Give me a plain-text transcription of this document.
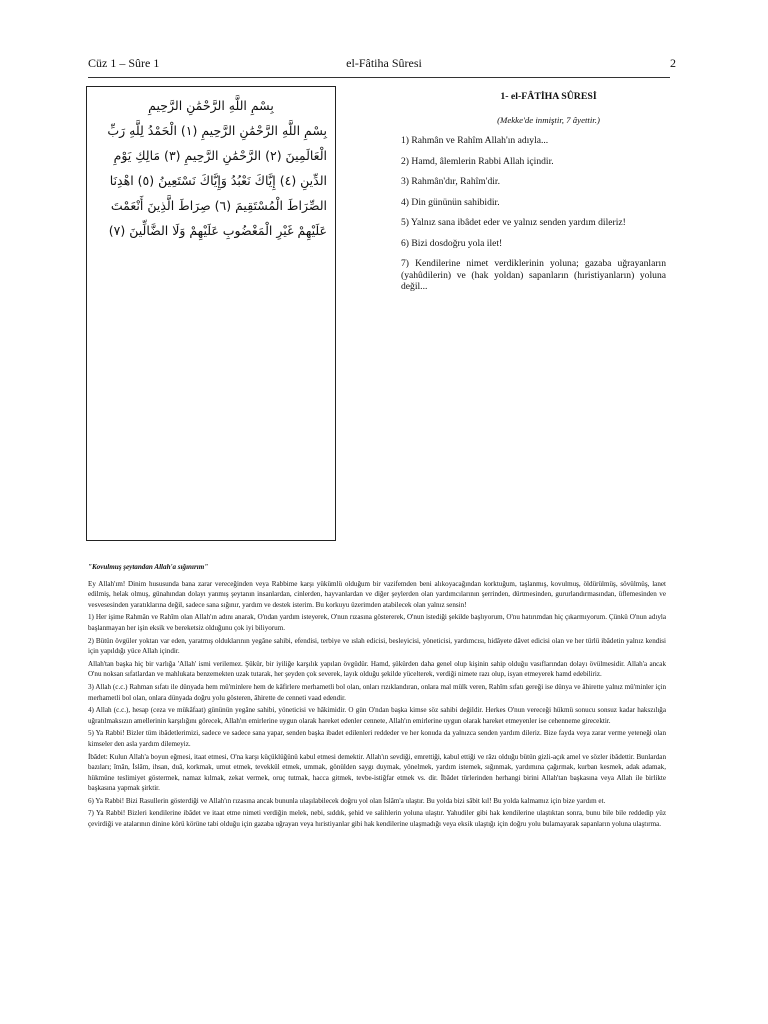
Cüz 1 – Sûre 1	el-Fâtiha Sûresi	2
بِسْمِ اللَّهِ الرَّحْمَٰنِ الرَّحِيمِ
بِسْمِ اللَّهِ الرَّحْمَٰنِ الرَّحِيمِ (١) الْحَمْدُ لِلَّهِ رَبِّ الْعَالَمِينَ (٢) الرَّحْمَٰنِ الرَّحِيمِ (٣) مَالِكِ يَوْمِ الدِّينِ (٤) إِيَّاكَ نَعْبُدُ وَإِيَّاكَ نَسْتَعِينُ (٥) اهْدِنَا الصِّرَاطَ الْمُسْتَقِيمَ (٦) صِرَاطَ الَّذِينَ أَنْعَمْتَ عَلَيْهِمْ غَيْرِ الْمَغْضُوبِ عَلَيْهِمْ وَلَا الضَّالِّينَ (٧)
1- el-FÂTİHA SÛRESİ
(Mekke'de inmiştir, 7 âyettir.)

1) Rahmân ve Rahîm Allah'ın adıyla...

2) Hamd, âlemlerin Rabbi Allah içindir.

3) Rahmân'dır, Rahîm'dir.

4) Din gününün sahibidir.

5) Yalnız sana ibâdet eder ve yalnız senden yardım dileriz!

6) Bizi dosdoğru yola ilet!

7) Kendilerine nimet verdiklerinin yoluna; gazaba uğrayanların (yahûdilerin) ve (hak yoldan) sapanların (hıristiyanların) yoluna değil...

"Kovulmuş şeytandan Allah'a sığınırım"

Ey Allah'ım! Dinim hususunda bana zarar vereceğinden veya Rabbime karşı yükümlü olduğum bir vazifemden beni alıkoyacağından korktuğum, taşlanmış, kovulmuş, öldürülmüş, sövülmüş, lanet edilmiş, helak olmuş, günahından dolayı yanmış şeytanın insanlardan, cinlerden, hayvanlardan ve diğer şeylerden olan yardımcılarının şerrinden, dürtmesinden, gururlandırmasından, üflemesinden ve vesvesesinden yaratıklarına değil, sadece sana sığınır, yardım ve destek isterim. Bu korkuyu üzerimden atabilecek olan yalnız sensin!

1) Her işime Rahmân ve Rahîm olan Allah'ın adını anarak, O'ndan yardım isteyerek, O'nun rızasına göstererek, O'nun istediği şekilde başlıyorum, O'nu hatırımdan hiç çıkarmıyorum. Çünkü O'nun adıyla başlanmayan her işin eksik ve bereketsiz olduğunu çok iyi biliyorum.

2) Bütün övgüler yoktan var eden, yaratmış olduklarının yegâne sahibi, efendisi, terbiye ve ıslah edicisi, besleyicisi, yöneticisi, yardımcısı, hidâyete dâvet edicisi olan ve her türlü ibâdetin yalnız kendisi için yapıldığı yüce Allah içindir.

Allah'tan başka hiç bir varlığa 'Allah' ismi verilemez. Şükür, bir iyiliğe karşılık yapılan övgüdür. Hamd, şükürden daha genel olup kişinin sahip olduğu vasıflarından dolayı övülmesidir. Allah'a ancak O'nu noksan sıfatlardan ve mahlukata benzemekten uzak tutarak, her şeyden çok severek, layık olduğu şekilde yücelterek, verdiği nimete razı olup, isyan etmeyerek hamd edebiliriz.

3) Allah (c.c.) Rahman sıfatı ile dünyada hem mü'minlere hem de kâfirlere merhametli bol olan, onları rızıklandıran, onlara mal mülk veren, Rahîm sıfatı gereği ise dünya ve âhirette yalnız mü'minler için merhametli bol olan, onlara dünyada doğru yolu gösteren, âhirette de cenneti vaad edendir.

4) Allah (c.c.), hesap (ceza ve mükâfaat) gününün yegâne sahibi, yöneticisi ve hâkimidir. O gün O'ndan başka kimse söz sahibi değildir. Herkes O'nun vereceği hükmü sonucu sonsuz kadar hakszılığa uğratılmaksızın amellerinin karşılığını görecek, Allah'ın emirlerine uygun olarak hareket edenler cennete, Allah'ın emirlerine uygun olarak hareket etmeyenler ise cehenneme girecektir.

5) Ya Rabbi! Bizler tüm ibâdetlerimizi, sadece ve sadece sana yapar, senden başka ibadet edilenleri reddeder ve her konuda da yalnızca senden yardım dileriz. Bize fayda veya zarar verme yeteneği olan kimseler den asla yardım dilemeyiz.

İbâdet: Kulun Allah'a boyun eğmesi, itaat etmesi, O'na karşı küçüklüğünü kabul etmesi demektir. Allah'ın sevdiği, emrettiği, kabul ettiği ve râzı olduğu bütün gizli-açık amel ve sözler ibâdettir. Bunlardan bazıları; îmân, İslâm, ihsan, duâ, korkmak, umut etmek, tevekkül etmek, ummak, gönülden saygı duymak, yönelmek, yardım istemek, sığınmak, yardımına çağırmak, kurban kesmek, adak adamak, hükmüne teslimiyet göstermek, namaz kılmak, zekat vermek, oruç tutmak, hacca gitmek, tevbe-istiğfar etmek vs. dir. İbâdet türlerinden herhangi birini Allah'tan başkasına veya Allah ile birlikte başkasına yapmak şirktir.

6) Ya Rabbi! Bizi Rasullerin gösterdiği ve Allah'ın rızasına ancak bununla ulaşılabilecek doğru yol olan İslâm'a ulaştır. Bu yolda bizi sâbit kıl! Bu yolda kalmamız için bize yardım et.

7) Ya Rabbi! Bizleri kendilerine ibâdet ve itaat etme nimeti verdiğin melek, nebi, sıddık, şehid ve salihlerin yoluna ulaştır. Yahudiler gibi hak kendilerine ulaştıktan sonra, bunu bile bile reddedip yüz çevirdiği ve atalarının dinine körü körüne tabi olduğu için gazaba uğrayan veya hıristiyanlar gibi hak kendilerine ulaşmadığı veya eksik ulaştığı için doğru yolu bulamayarak sapanların yoluna ulaştırma.
